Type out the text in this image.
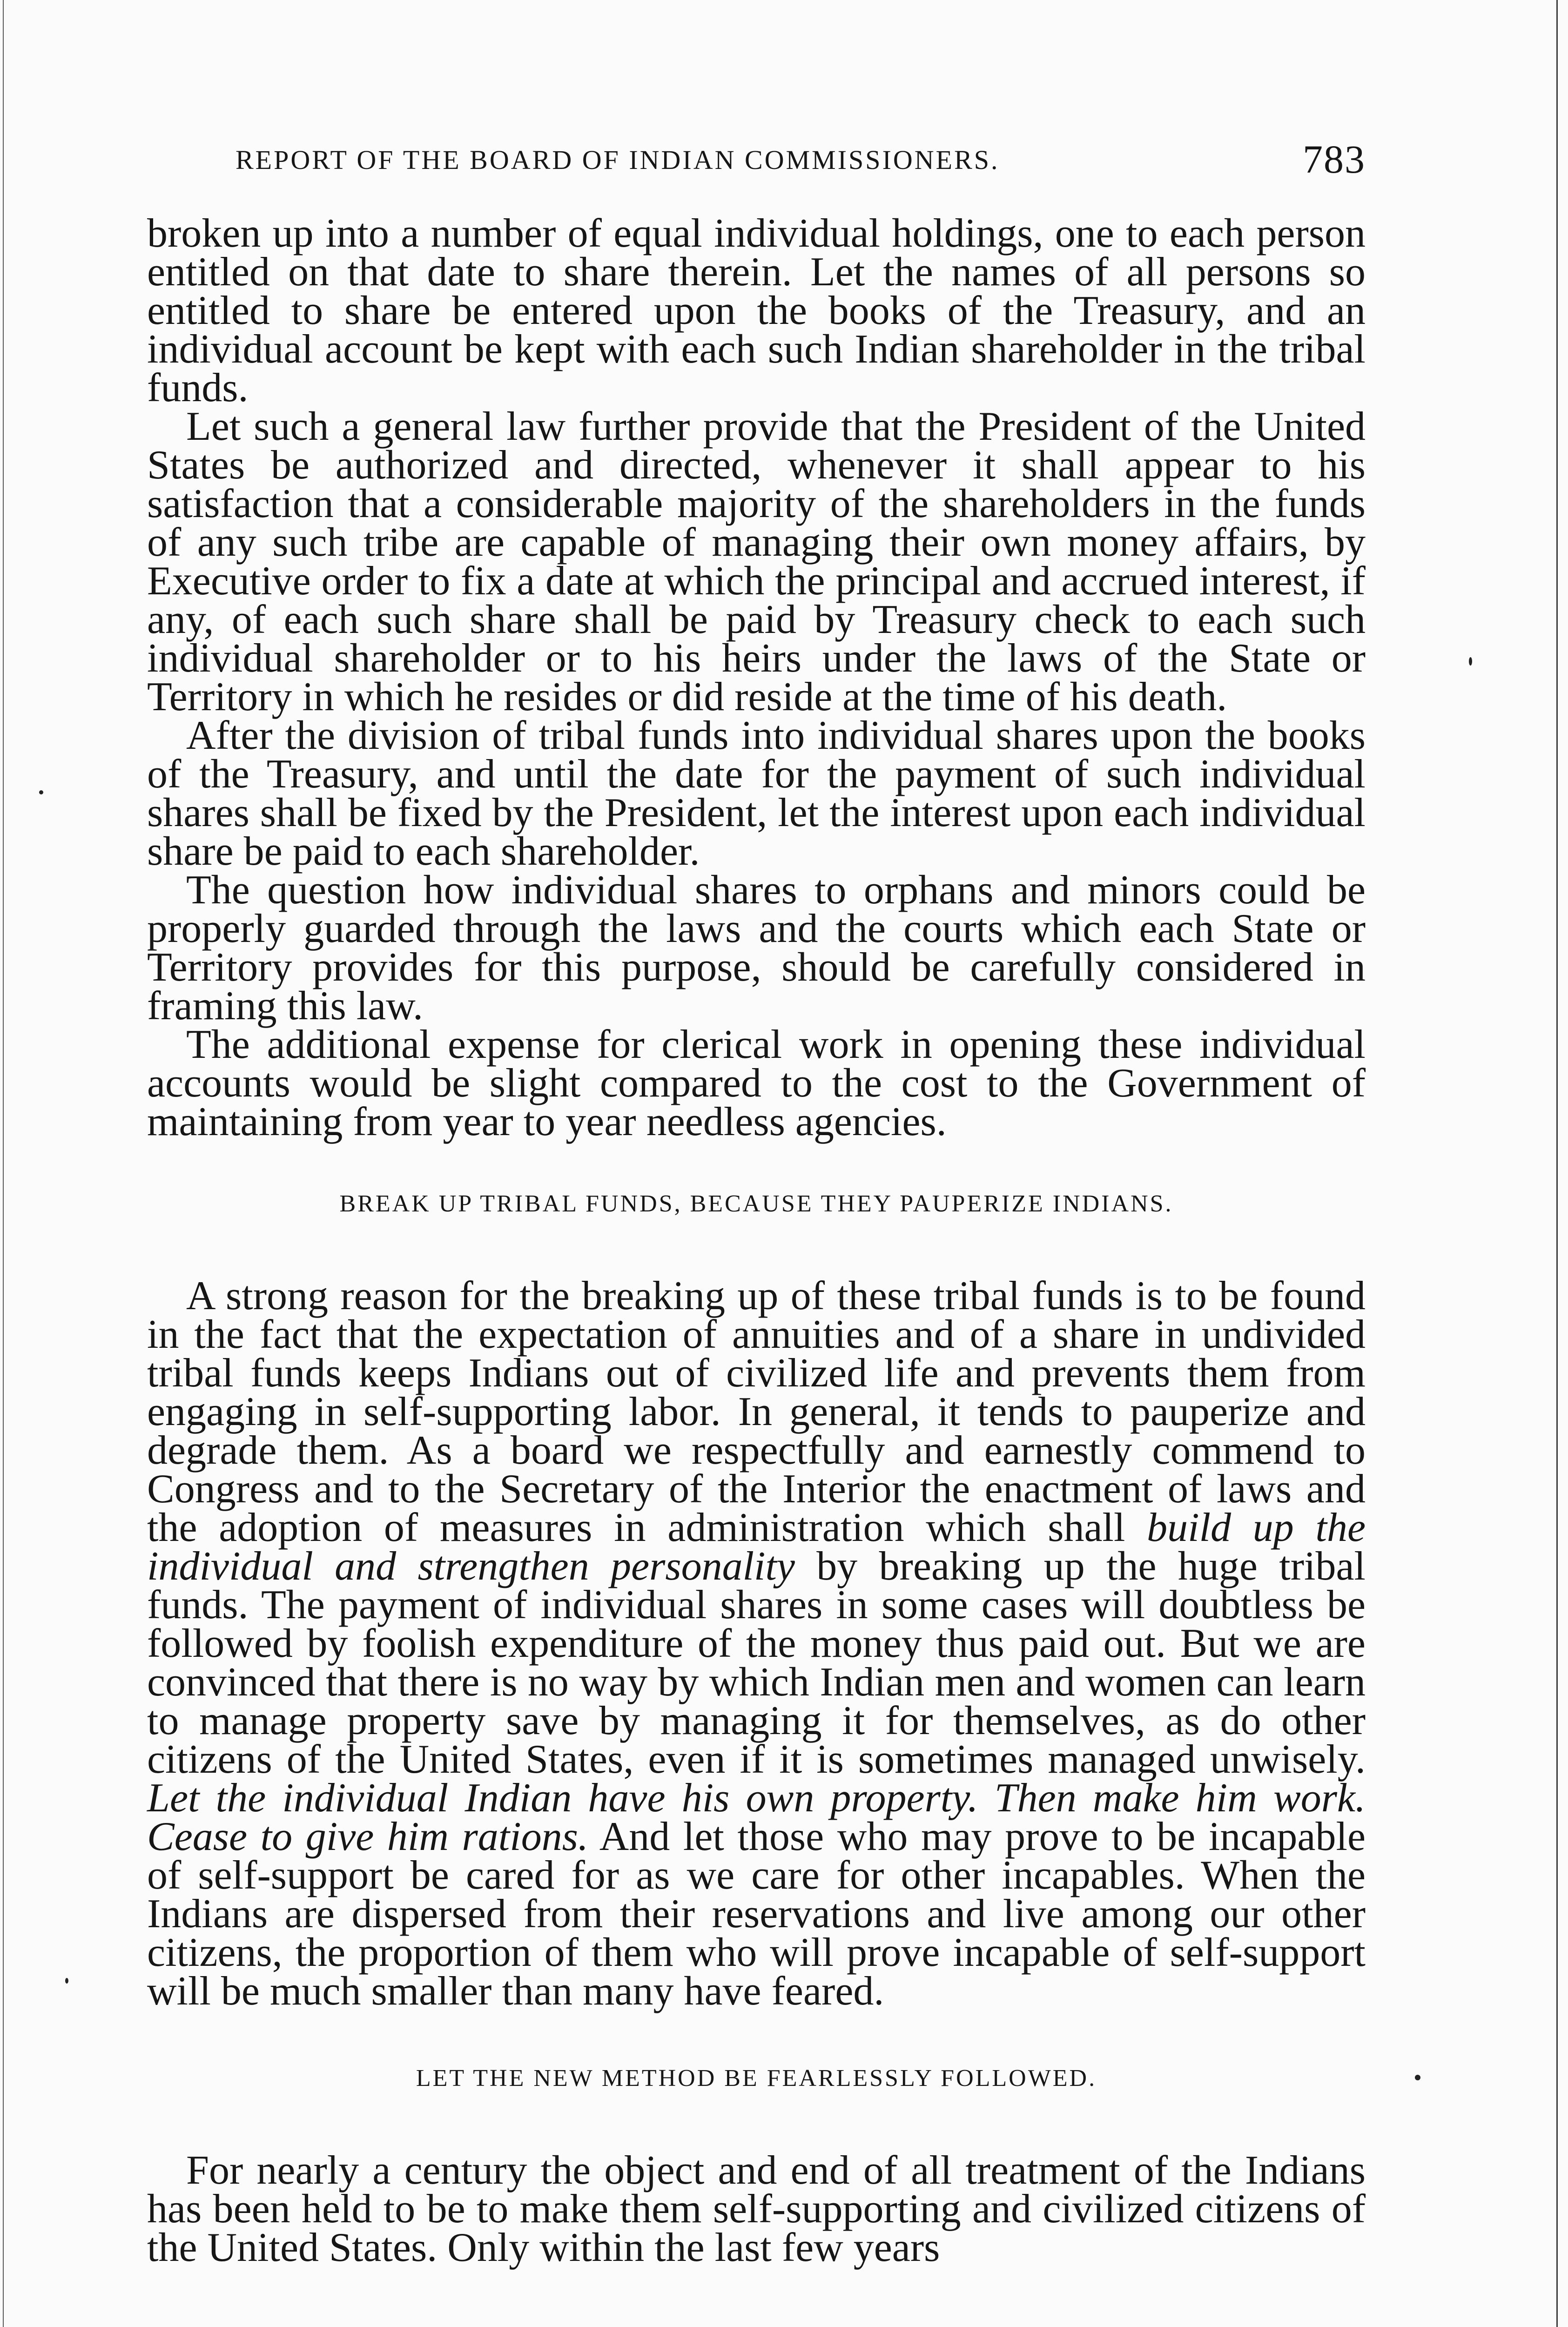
REPORT OF THE BOARD OF INDIAN COMMISSIONERS.	783

broken up into a number of equal individual holdings, one to each person entitled on that date to share therein. Let the names of all persons so entitled to share be entered upon the books of the Treasury, and an individual account be kept with each such Indian shareholder in the tribal funds.

Let such a general law further provide that the President of the United States be authorized and directed, whenever it shall appear to his satisfaction that a considerable majority of the shareholders in the funds of any such tribe are capable of managing their own money affairs, by Executive order to fix a date at which the principal and accrued interest, if any, of each such share shall be paid by Treasury check to each such individual shareholder or to his heirs under the laws of the State or Territory in which he resides or did reside at the time of his death.

After the division of tribal funds into individual shares upon the books of the Treasury, and until the date for the payment of such individual shares shall be fixed by the President, let the interest upon each individual share be paid to each shareholder.

The question how individual shares to orphans and minors could be properly guarded through the laws and the courts which each State or Territory provides for this purpose, should be carefully considered in framing this law.

The additional expense for clerical work in opening these individual accounts would be slight compared to the cost to the Government of maintaining from year to year needless agencies.

BREAK UP TRIBAL FUNDS, BECAUSE THEY PAUPERIZE INDIANS.

A strong reason for the breaking up of these tribal funds is to be found in the fact that the expectation of annuities and of a share in undivided tribal funds keeps Indians out of civilized life and prevents them from engaging in self-supporting labor. In general, it tends to pauperize and degrade them. As a board we respectfully and earnestly commend to Congress and to the Secretary of the Interior the enactment of laws and the adoption of measures in administration which shall build up the individual and strengthen personality by breaking up the huge tribal funds. The payment of individual shares in some cases will doubtless be followed by foolish expenditure of the money thus paid out. But we are convinced that there is no way by which Indian men and women can learn to manage property save by managing it for themselves, as do other citizens of the United States, even if it is sometimes managed unwisely. Let the individual Indian have his own property. Then make him work. Cease to give him rations. And let those who may prove to be incapable of self-support be cared for as we care for other incapables. When the Indians are dispersed from their reservations and live among our other citizens, the proportion of them who will prove incapable of self-support will be much smaller than many have feared.

LET THE NEW METHOD BE FEARLESSLY FOLLOWED.

For nearly a century the object and end of all treatment of the Indians has been held to be to make them self-supporting and civilized citizens of the United States. Only within the last few years
